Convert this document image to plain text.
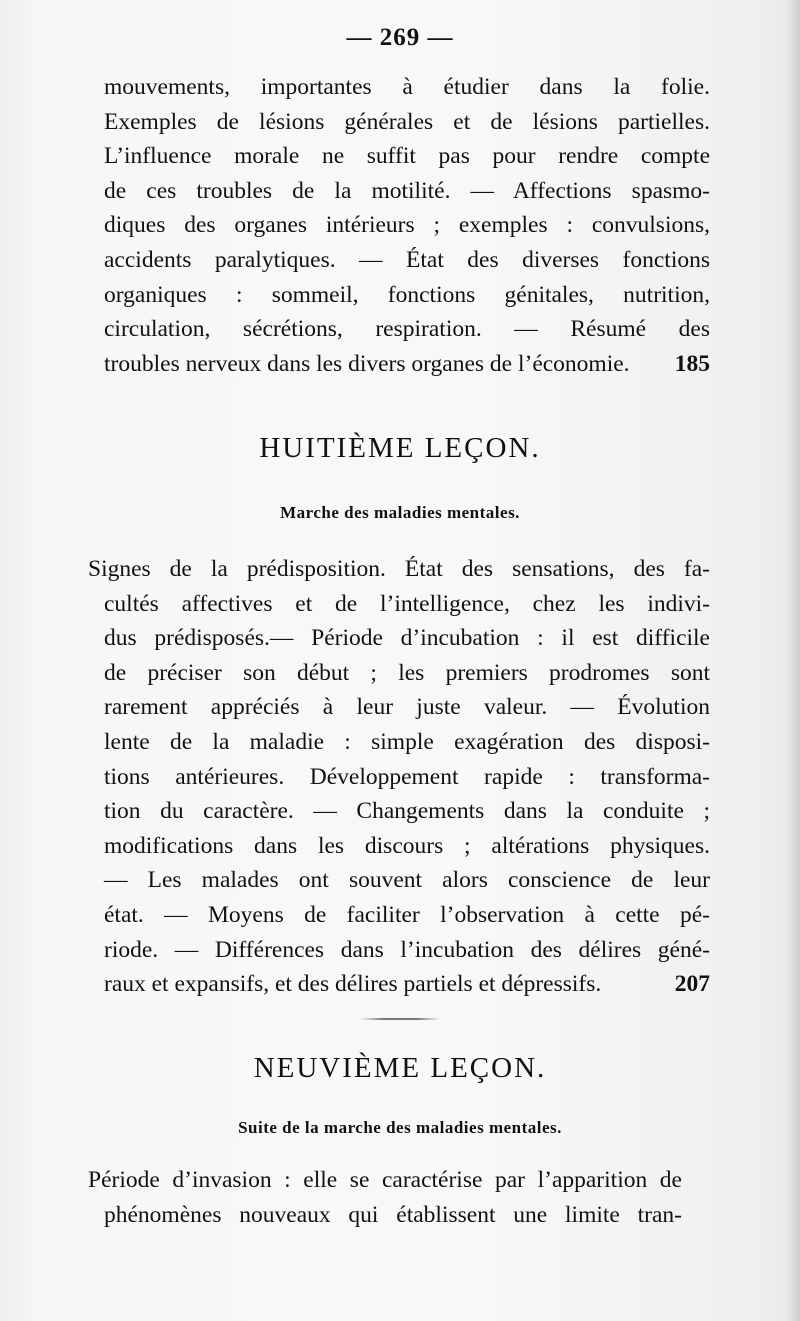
— 269 —
mouvements, importantes à étudier dans la folie.
Exemples de lésions générales et de lésions partielles.
L’influence morale ne suffit pas pour rendre compte
de ces troubles de la motilité. — Affections spasmo-
diques des organes intérieurs ; exemples : convulsions,
accidents paralytiques. — État des diverses fonctions
organiques : sommeil, fonctions génitales, nutrition,
circulation, sécrétions, respiration. — Résumé des
troubles nerveux dans les divers organes de l’économie. 185
HUITIÈME LEÇON.
Marche des maladies mentales.
Signes de la prédisposition. État des sensations, des fa-
cultés affectives et de l’intelligence, chez les indivi-
dus prédisposés.— Période d’incubation : il est difficile
de préciser son début ; les premiers prodromes sont
rarement appréciés à leur juste valeur. — Évolution
lente de la maladie : simple exagération des disposi-
tions antérieures. Développement rapide : transforma-
tion du caractère. — Changements dans la conduite ;
modifications dans les discours ; altérations physiques.
— Les malades ont souvent alors conscience de leur
état. — Moyens de faciliter l’observation à cette pé-
riode. — Différences dans l’incubation des délires géné-
raux et expansifs, et des délires partiels et dépressifs.	207
NEUVIÈME LEÇON.
Suite de la marche des maladies mentales.
Période d’invasion : elle se caractérise par l’apparition de
phénomènes nouveaux qui établissent une limite tran-
